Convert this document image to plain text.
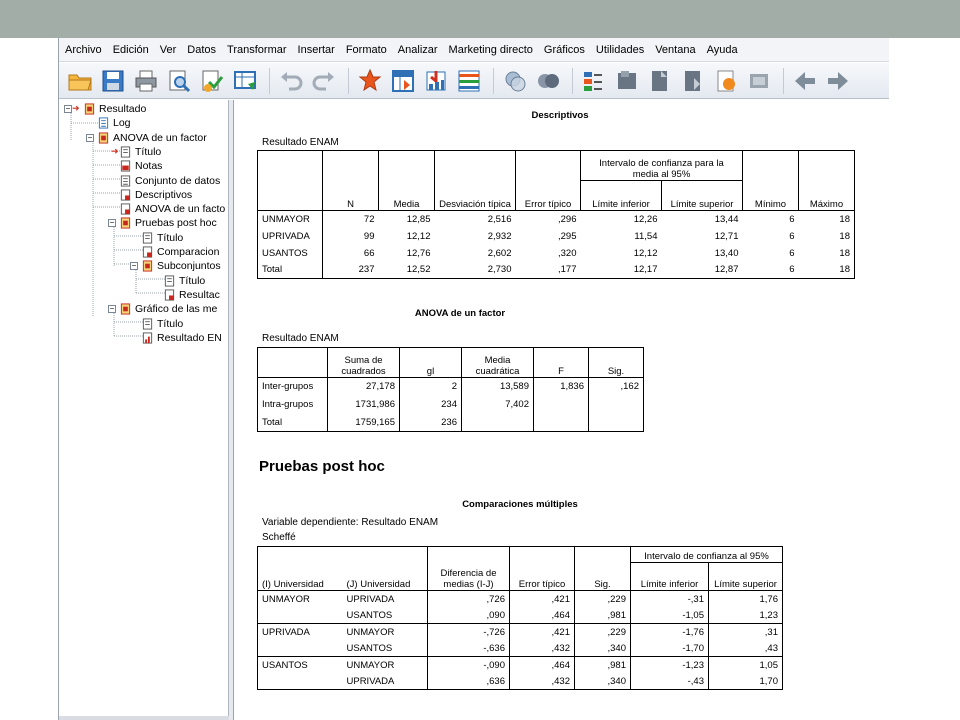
Archivo Edición Ver Datos Transformar Insertar Formato Analizar Marketing directo Gráficos Utilidades Ventana Ayuda
− ➜ Resultado
Log
− ANOVA de un factor
➜ Título
Notas
Conjunto de datos
Descriptivos
ANOVA de un facto
− Pruebas post hoc
Título
Comparacion
− Subconjuntos
Título
Resultac
− Gráfico de las me
Título
Resultado EN
Descriptivos
Resultado ENAM
	N	Media	Desviación típica	Error típico	Intervalo de confianza para la media al 95%		Mínimo	Máximo
					Límite inferior	Límite superior		
UNMAYOR	72	12,85	2,516	,296	12,26	13,44	6	18
UPRIVADA	99	12,12	2,932	,295	11,54	12,71	6	18
USANTOS	66	12,76	2,602	,320	12,12	13,40	6	18
Total	237	12,52	2,730	,177	12,17	12,87	6	18
ANOVA de un factor
Resultado ENAM
	Suma de cuadrados	gl	Media cuadrática	F	Sig.
Inter-grupos	27,178	2	13,589	1,836	,162
Intra-grupos	1731,986	234	7,402		
Total	1759,165	236			
Pruebas post hoc
Comparaciones múltiples
Variable dependiente: Resultado ENAM
Scheffé
(I) Universidad	(J) Universidad	Diferencia de medias (I-J)	Error típico	Sig.	Intervalo de confianza al 95%	
					Límite inferior	Límite superior
UNMAYOR	UPRIVADA	,726	,421	,229	-,31	1,76
	USANTOS	,090	,464	,981	-1,05	1,23
UPRIVADA	UNMAYOR	-,726	,421	,229	-1,76	,31
	USANTOS	-,636	,432	,340	-1,70	,43
USANTOS	UNMAYOR	-,090	,464	,981	-1,23	1,05
	UPRIVADA	,636	,432	,340	-,43	1,70
